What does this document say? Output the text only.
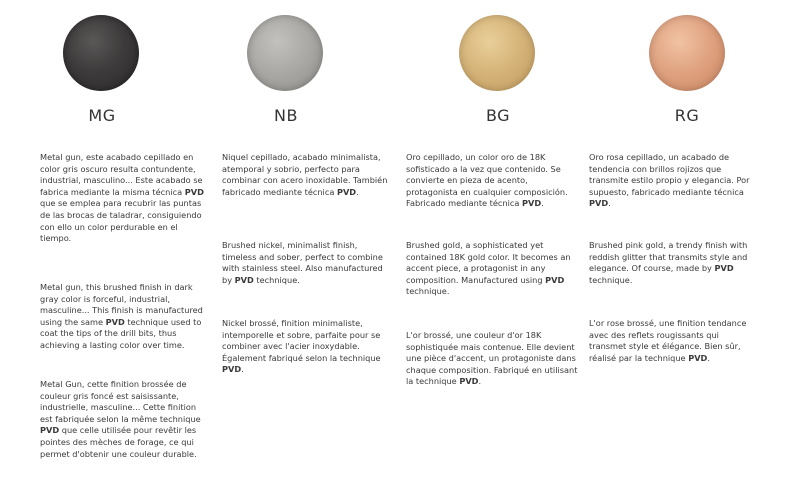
MG

Metal gun, este acabado cepillado en color gris oscuro resulta contundente, industrial, masculino... Este acabado se fabrica mediante la misma técnica PVD que se emplea para recubrir las puntas de las brocas de taladrar, consiguiendo con ello un color perdurable en el tiempo.

Metal gun, this brushed finish in dark gray color is forceful, industrial, masculine... This finish is manufactured using the same PVD technique used to coat the tips of the drill bits, thus achieving a lasting color over time.

Metal Gun, cette finition brossée de couleur gris foncé est saisissante, industrielle, masculine... Cette finition est fabriquée selon la même technique PVD que celle utilisée pour revêtir les pointes des mèches de forage, ce qui permet d'obtenir une couleur durable.

NB

Niquel cepillado, acabado minimalista, atemporal y sobrio, perfecto para combinar con acero inoxidable. También fabricado mediante técnica PVD.

Brushed nickel, minimalist finish, timeless and sober, perfect to combine with stainless steel. Also manufactured by PVD technique.

Nickel brossé, finition minimaliste, intemporelle et sobre, parfaite pour se combiner avec l'acier inoxydable. Également fabriqué selon la technique PVD.

BG

Oro cepillado, un color oro de 18K sofisticado a la vez que contenido. Se convierte en pieza de acento, protagonista en cualquier composición. Fabricado mediante técnica PVD.

Brushed gold, a sophisticated yet contained 18K gold color. It becomes an accent piece, a protagonist in any composition. Manufactured using PVD technique.

L'or brossé, une couleur d'or 18K sophistiquée mais contenue. Elle devient une pièce d'accent, un protagoniste dans chaque composition. Fabriqué en utilisant la technique PVD.

RG

Oro rosa cepillado, un acabado de tendencia con brillos rojizos que transmite estilo propio y elegancia. Por supuesto, fabricado mediante técnica PVD.

Brushed pink gold, a trendy finish with reddish glitter that transmits style and elegance. Of course, made by PVD technique.

L'or rose brossé, une finition tendance avec des reflets rougissants qui transmet style et élégance. Bien sûr, réalisé par la technique PVD.
